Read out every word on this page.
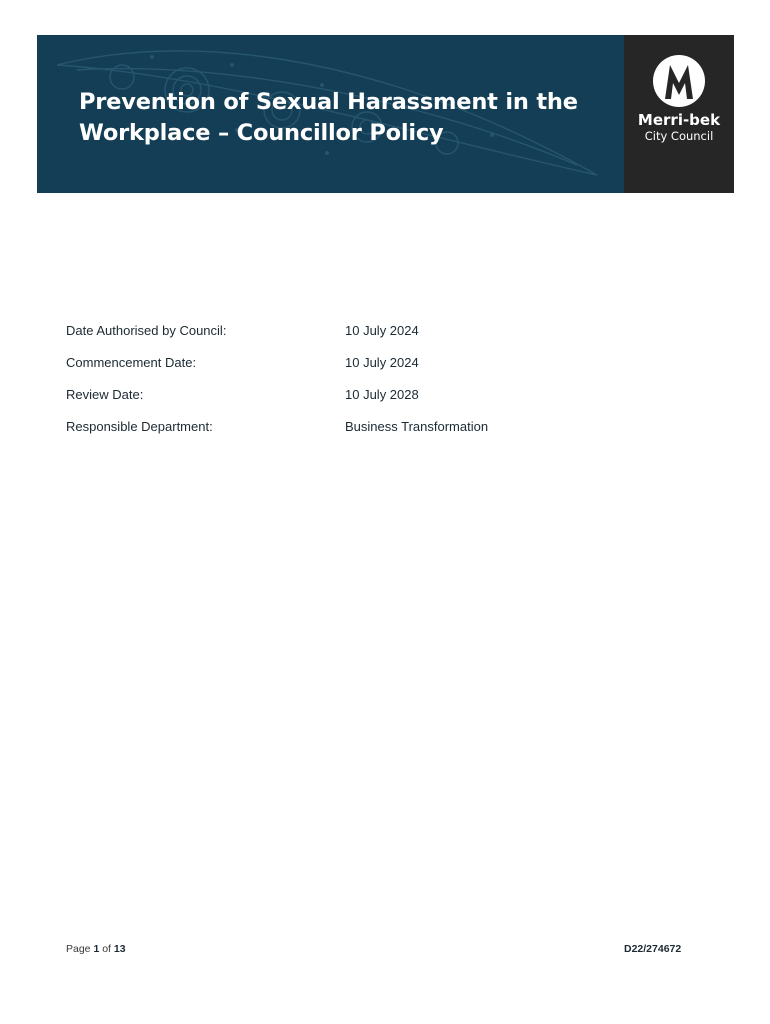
Prevention of Sexual Harassment in the Workplace – Councillor Policy	Merri-bek
City Council
Date Authorised by Council:	10 July 2024
Commencement Date:	10 July 2024
Review Date:	10 July 2028
Responsible Department:	Business Transformation
Page 1 of 13	D22/274672
